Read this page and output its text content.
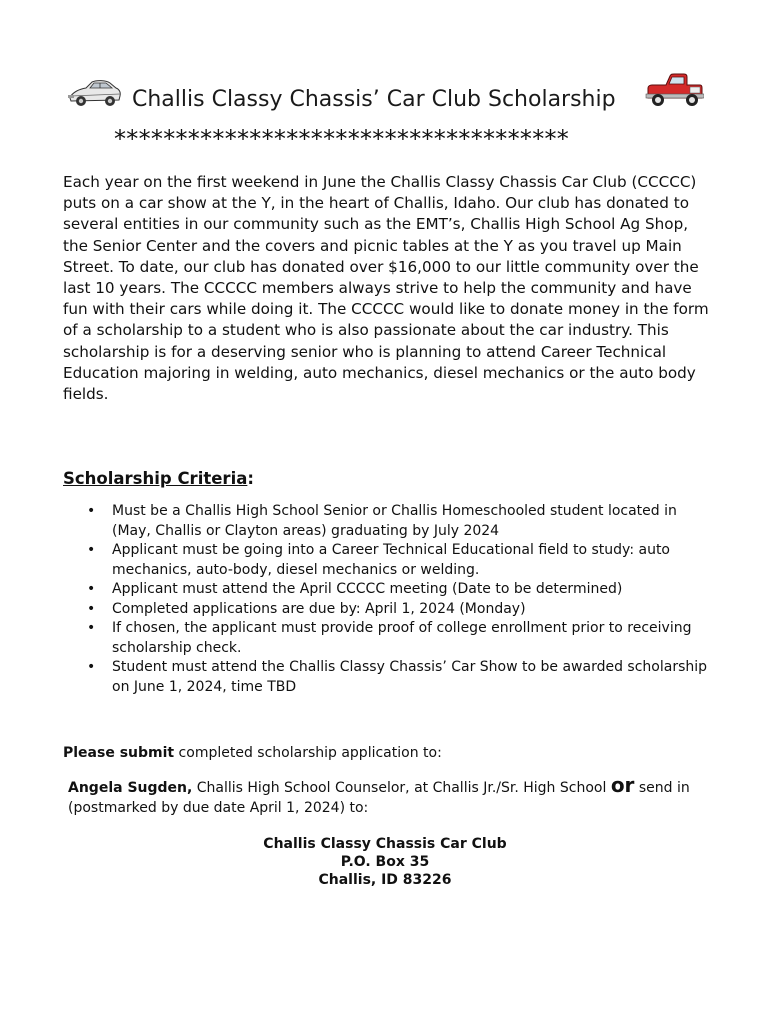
Challis Classy Chassis’ Car Club Scholarship
*************************************

Each year on the first weekend in June the Challis Classy Chassis Car Club (CCCCC) puts on a car show at the Y, in the heart of Challis, Idaho. Our club has donated to several entities in our community such as the EMT’s, Challis High School Ag Shop, the Senior Center and the covers and picnic tables at the Y as you travel up Main Street. To date, our club has donated over $16,000 to our little community over the last 10 years. The CCCCC members always strive to help the community and have fun with their cars while doing it. The CCCCC would like to donate money in the form of a scholarship to a student who is also passionate about the car industry. This scholarship is for a deserving senior who is planning to attend Career Technical Education majoring in welding, auto mechanics, diesel mechanics or the auto body fields.

Scholarship Criteria:

• Must be a Challis High School Senior or Challis Homeschooled student located in (May, Challis or Clayton areas) graduating by July 2024
• Applicant must be going into a Career Technical Educational field to study: auto mechanics, auto-body, diesel mechanics or welding.
• Applicant must attend the April CCCCC meeting (Date to be determined)
• Completed applications are due by: April 1, 2024 (Monday)
• If chosen, the applicant must provide proof of college enrollment prior to receiving scholarship check.
• Student must attend the Challis Classy Chassis’ Car Show to be awarded scholarship on June 1, 2024, time TBD

Please submit completed scholarship application to:

Angela Sugden, Challis High School Counselor, at Challis Jr./Sr. High School or send in (postmarked by due date April 1, 2024) to:

Challis Classy Chassis Car Club
P.O. Box 35
Challis, ID 83226
